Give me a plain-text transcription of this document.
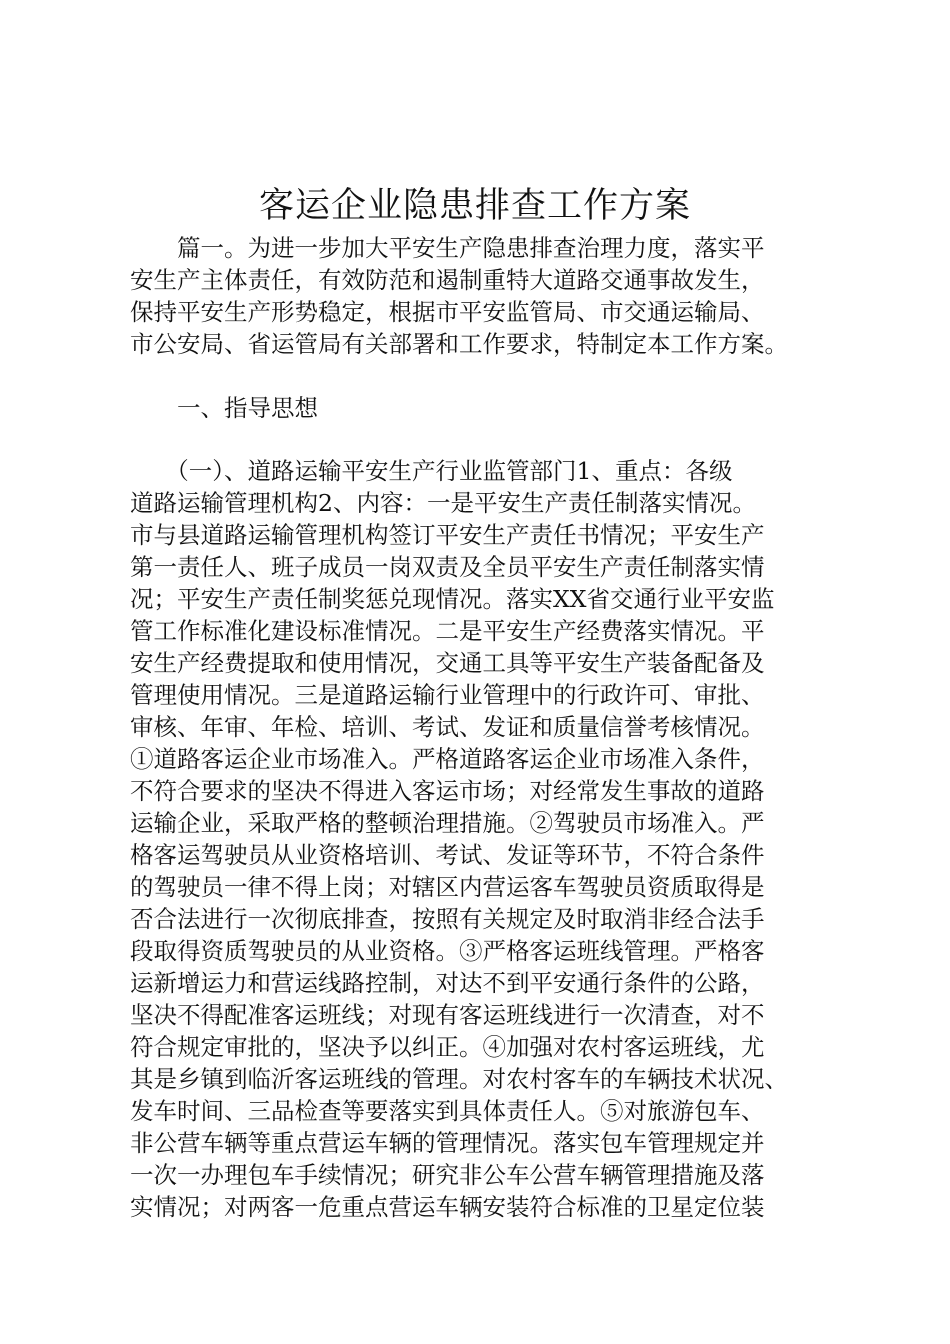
客运企业隐患排查工作方案
　　篇一。为进一步加大平安生产隐患排查治理力度，落实平
安生产主体责任，有效防范和遏制重特大道路交通事故发生，
保持平安生产形势稳定，根据市平安监管局、市交通运输局、
市公安局、省运管局有关部署和工作要求，特制定本工作方案。
　　一、指导思想
　　（一）、道路运输平安生产行业监管部门1、重点：各级
道路运输管理机构2、内容：一是平安生产责任制落实情况。
市与县道路运输管理机构签订平安生产责任书情况；平安生产
第一责任人、班子成员一岗双责及全员平安生产责任制落实情
况；平安生产责任制奖惩兑现情况。落实XX省交通行业平安监
管工作标准化建设标准情况。二是平安生产经费落实情况。平
安生产经费提取和使用情况，交通工具等平安生产装备配备及
管理使用情况。三是道路运输行业管理中的行政许可、审批、
审核、年审、年检、培训、考试、发证和质量信誉考核情况。
①道路客运企业市场准入。严格道路客运企业市场准入条件，
不符合要求的坚决不得进入客运市场；对经常发生事故的道路
运输企业，采取严格的整顿治理措施。②驾驶员市场准入。严
格客运驾驶员从业资格培训、考试、发证等环节，不符合条件
的驾驶员一律不得上岗；对辖区内营运客车驾驶员资质取得是
否合法进行一次彻底排查，按照有关规定及时取消非经合法手
段取得资质驾驶员的从业资格。③严格客运班线管理。严格客
运新增运力和营运线路控制，对达不到平安通行条件的公路，
坚决不得配准客运班线；对现有客运班线进行一次清查，对不
符合规定审批的，坚决予以纠正。④加强对农村客运班线，尤
其是乡镇到临沂客运班线的管理。对农村客车的车辆技术状况、
发车时间、三品检查等要落实到具体责任人。⑤对旅游包车、
非公营车辆等重点营运车辆的管理情况。落实包车管理规定并
一次一办理包车手续情况；研究非公车公营车辆管理措施及落
实情况；对两客一危重点营运车辆安装符合标准的卫星定位装
